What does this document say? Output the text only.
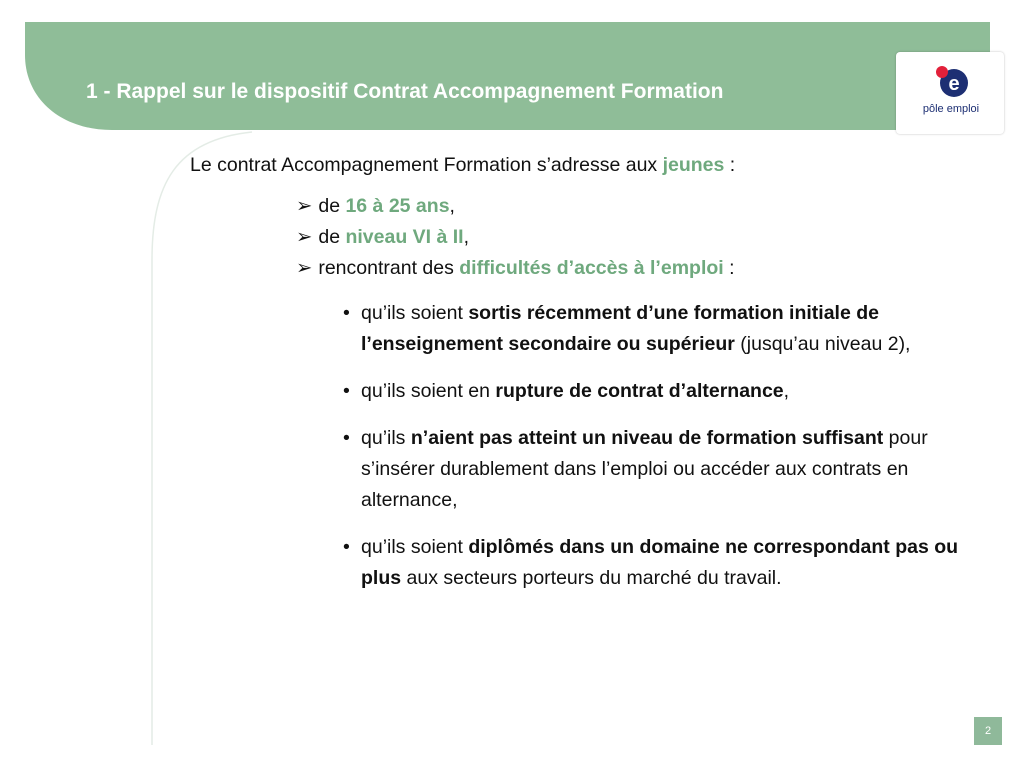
1 - Rappel sur le dispositif Contrat Accompagnement Formation	e
pôle emploi

Le contrat Accompagnement Formation s’adresse aux jeunes :

➢ de 16 à 25 ans,
➢ de niveau VI à II,
➢ rencontrant des difficultés d’accès à l’emploi :
• qu’ils soient sortis récemment d’une formation initiale de l’enseignement secondaire ou supérieur (jusqu’au niveau 2),
• qu’ils soient en rupture de contrat d’alternance,
• qu’ils n’aient pas atteint un niveau de formation suffisant pour s’insérer durablement dans l’emploi ou accéder aux contrats en alternance,
• qu’ils soient diplômés dans un domaine ne correspondant pas ou plus aux secteurs porteurs du marché du travail.
2
